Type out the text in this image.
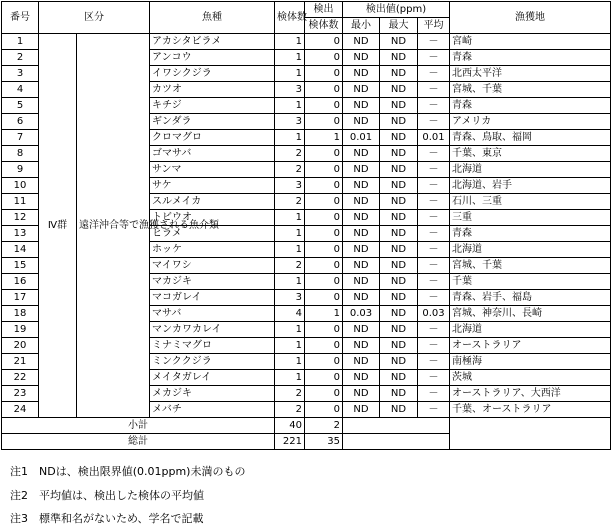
番号	区分		魚種	検体数	検出	検出値(ppm)			漁獲地
					検体数	最小	最大	平均	
1	Ⅳ群	遠洋沖合等で漁獲される魚介類	アカシタビラメ	1	0	ND	ND	－	宮崎
2			アンコウ	1	0	ND	ND	－	青森
3			イワシクジラ	1	0	ND	ND	－	北西太平洋
4			カツオ	3	0	ND	ND	－	宮城、千葉
5			キチジ	1	0	ND	ND	－	青森
6			ギンダラ	3	0	ND	ND	－	アメリカ
7			クロマグロ	1	1	0.01	ND	0.01	青森、鳥取、福岡
8			ゴマサバ	2	0	ND	ND	－	千葉、東京
9			サンマ	2	0	ND	ND	－	北海道
10			サケ	3	0	ND	ND	－	北海道、岩手
11			スルメイカ	2	0	ND	ND	－	石川、三重
12			トビウオ	1	0	ND	ND	－	三重
13			ヒラメ	1	0	ND	ND	－	青森
14			ホッケ	1	0	ND	ND	－	北海道
15			マイワシ	2	0	ND	ND	－	宮城、千葉
16			マカジキ	1	0	ND	ND	－	千葉
17			マコガレイ	3	0	ND	ND	－	青森、岩手、福島
18			マサバ	4	1	0.03	ND	0.03	宮城、神奈川、長崎
19			マンカワカレイ	1	0	ND	ND	－	北海道
20			ミナミマグロ	1	0	ND	ND	－	オーストラリア
21			ミンククジラ	1	0	ND	ND	－	南極海
22			メイタガレイ	1	0	ND	ND	－	茨城
23			メカジキ	2	0	ND	ND	－	オーストラリア、大西洋
24			メバチ	2	0	ND	ND	－	千葉、オーストラリア
小計				40	2				
総計				221	35				
注1　NDは、検出限界値(0.01ppm)未満のもの
注2　平均値は、検出した検体の平均値
注3　標準和名がないため、学名で記載
